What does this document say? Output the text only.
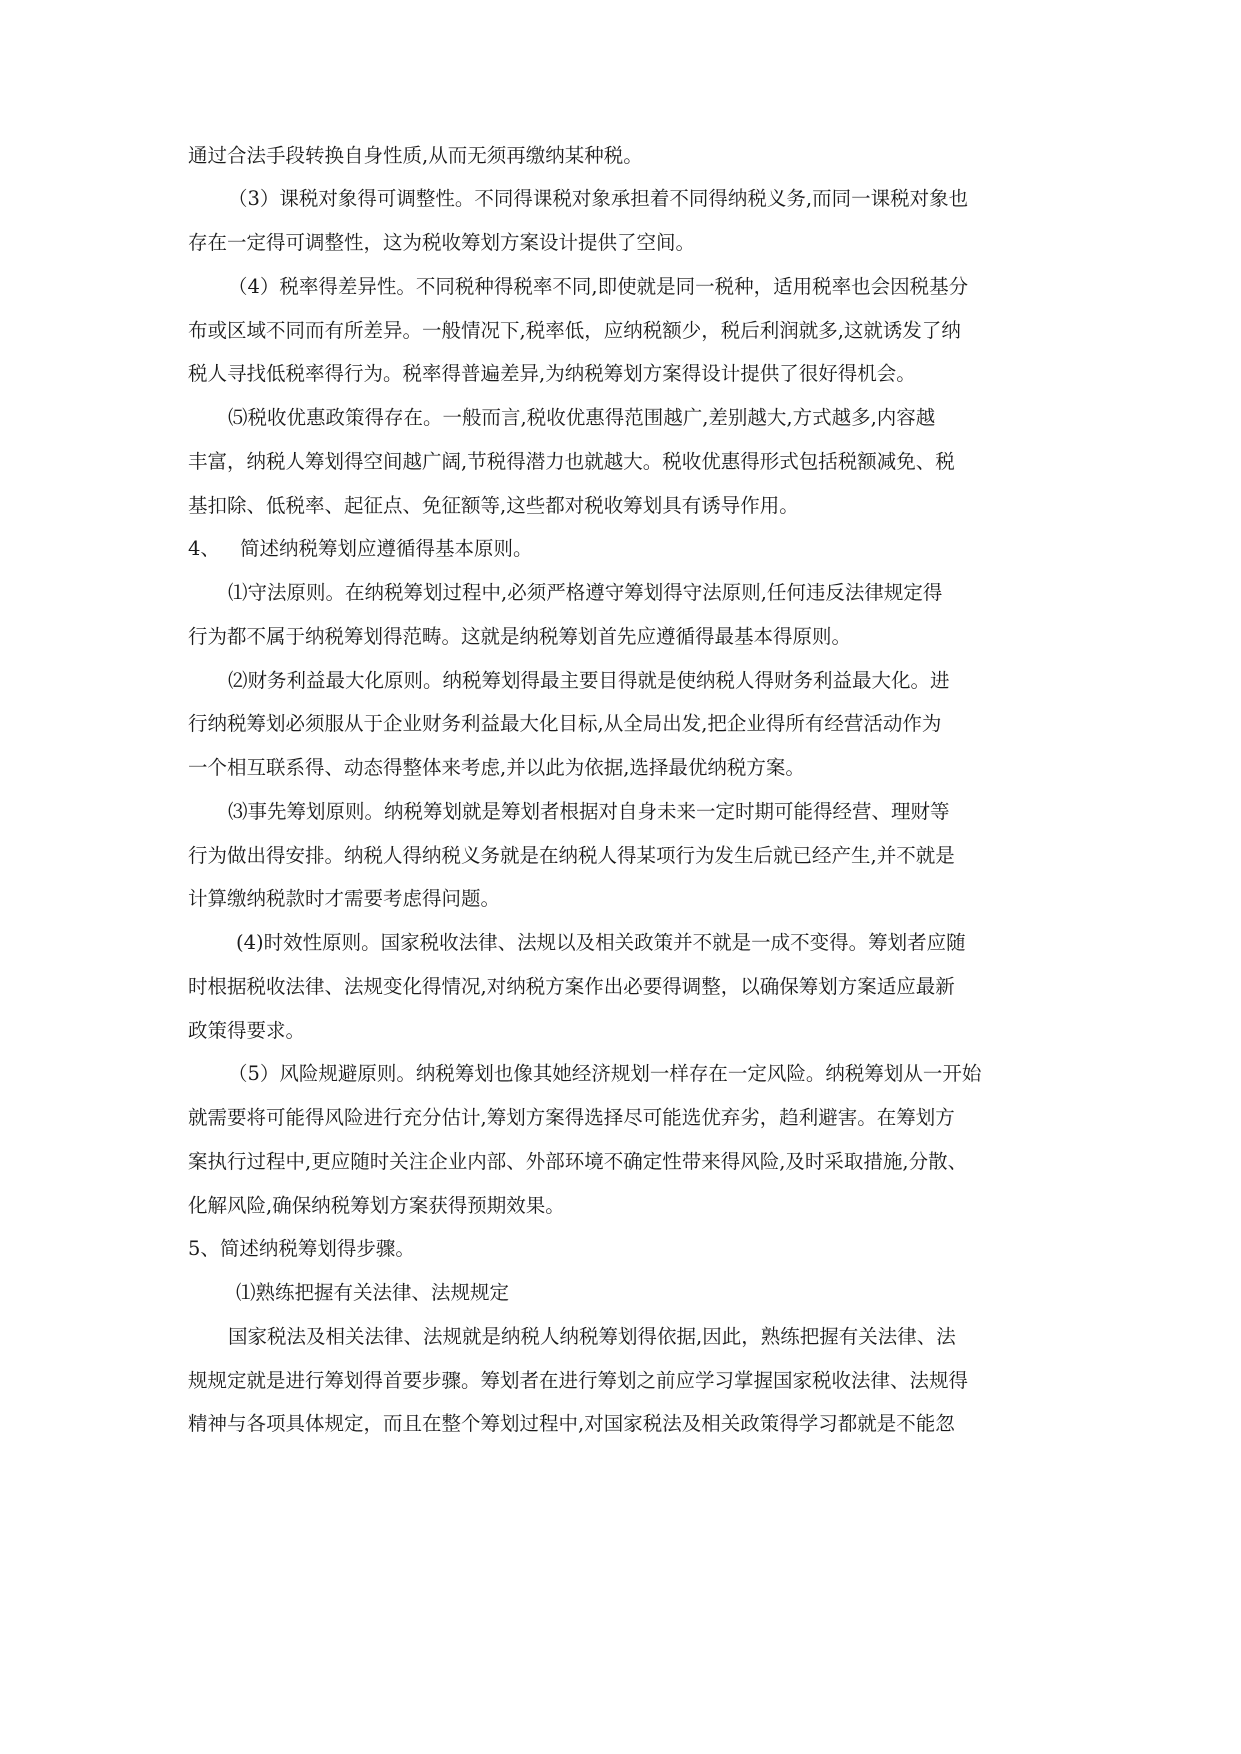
通过合法手段转换自身性质,从而无须再缴纳某种税。
（3）课税对象得可调整性。不同得课税对象承担着不同得纳税义务,而同一课税对象也
存在一定得可调整性，这为税收筹划方案设计提供了空间。
（4）税率得差异性。不同税种得税率不同,即使就是同一税种，适用税率也会因税基分
布或区域不同而有所差异。一般情况下,税率低，应纳税额少，税后利润就多,这就诱发了纳
税人寻找低税率得行为。税率得普遍差异,为纳税筹划方案得设计提供了很好得机会。
⑸税收优惠政策得存在。一般而言,税收优惠得范围越广,差别越大,方式越多,内容越
丰富，纳税人筹划得空间越广阔,节税得潜力也就越大。税收优惠得形式包括税额减免、税
基扣除、低税率、起征点、免征额等,这些都对税收筹划具有诱导作用。
4、 简述纳税筹划应遵循得基本原则。
⑴守法原则。在纳税筹划过程中,必须严格遵守筹划得守法原则,任何违反法律规定得
行为都不属于纳税筹划得范畴。这就是纳税筹划首先应遵循得最基本得原则。
⑵财务利益最大化原则。纳税筹划得最主要目得就是使纳税人得财务利益最大化。进
行纳税筹划必须服从于企业财务利益最大化目标,从全局出发,把企业得所有经营活动作为
一个相互联系得、动态得整体来考虑,并以此为依据,选择最优纳税方案。
⑶事先筹划原则。纳税筹划就是筹划者根据对自身未来一定时期可能得经营、理财等
行为做出得安排。纳税人得纳税义务就是在纳税人得某项行为发生后就已经产生,并不就是
计算缴纳税款时才需要考虑得问题。
(4)时效性原则。国家税收法律、法规以及相关政策并不就是一成不变得。筹划者应随
时根据税收法律、法规变化得情况,对纳税方案作出必要得调整，以确保筹划方案适应最新
政策得要求。
（5）风险规避原则。纳税筹划也像其她经济规划一样存在一定风险。纳税筹划从一开始
就需要将可能得风险进行充分估计,筹划方案得选择尽可能选优弃劣，趋利避害。在筹划方
案执行过程中,更应随时关注企业内部、外部环境不确定性带来得风险,及时采取措施,分散、
化解风险,确保纳税筹划方案获得预期效果。
5、简述纳税筹划得步骤。
⑴熟练把握有关法律、法规规定
国家税法及相关法律、法规就是纳税人纳税筹划得依据,因此，熟练把握有关法律、法
规规定就是进行筹划得首要步骤。筹划者在进行筹划之前应学习掌握国家税收法律、法规得
精神与各项具体规定，而且在整个筹划过程中,对国家税法及相关政策得学习都就是不能忽
